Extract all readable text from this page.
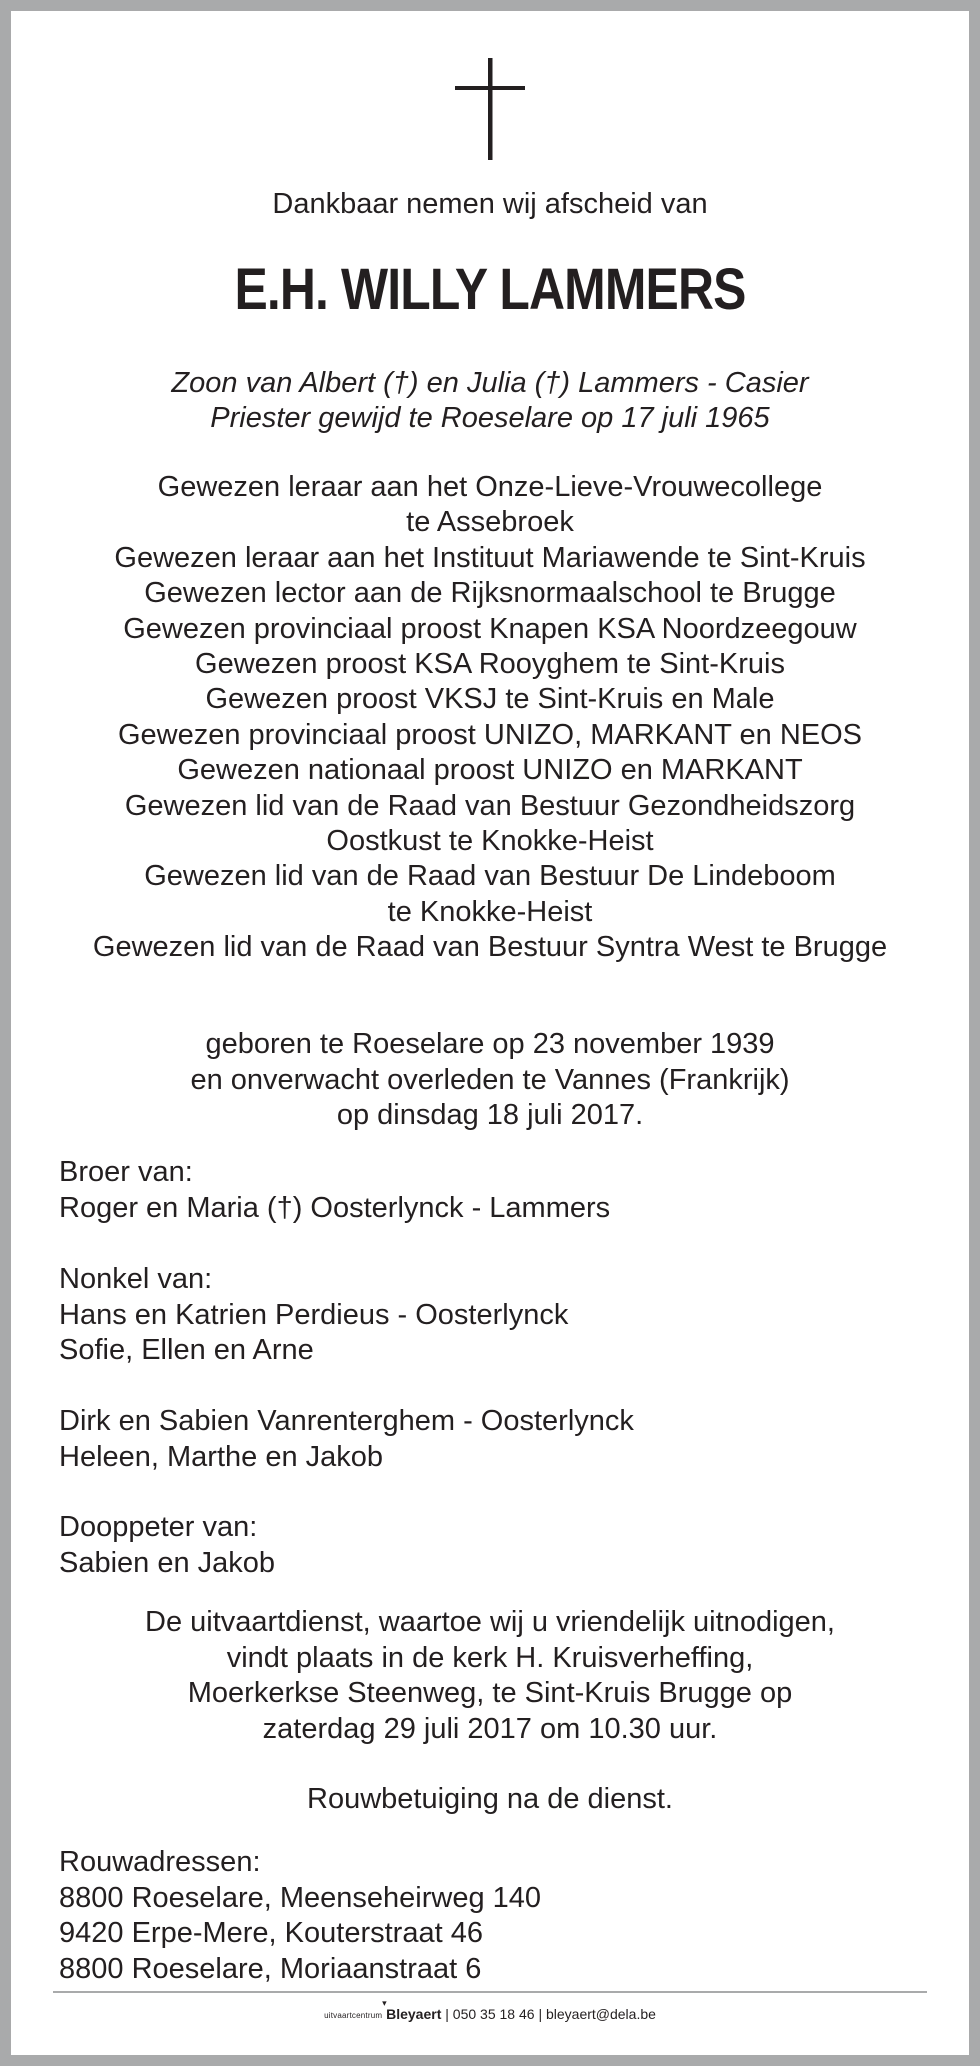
Dankbaar nemen wij afscheid van
E.H. WILLY LAMMERS
Zoon van Albert (†) en Julia (†) Lammers - Casier
Priester gewijd te Roeselare op 17 juli 1965
Gewezen leraar aan het Onze-Lieve-Vrouwecollege
te Assebroek
Gewezen leraar aan het Instituut Mariawende te Sint-Kruis
Gewezen lector aan de Rijksnormaalschool te Brugge
Gewezen provinciaal proost Knapen KSA Noordzeegouw
Gewezen proost KSA Rooyghem te Sint-Kruis
Gewezen proost VKSJ te Sint-Kruis en Male
Gewezen provinciaal proost UNIZO, MARKANT en NEOS
Gewezen nationaal proost UNIZO en MARKANT
Gewezen lid van de Raad van Bestuur Gezondheidszorg
Oostkust te Knokke-Heist
Gewezen lid van de Raad van Bestuur De Lindeboom
te Knokke-Heist
Gewezen lid van de Raad van Bestuur Syntra West te Brugge
geboren te Roeselare op 23 november 1939
en onverwacht overleden te Vannes (Frankrijk)
op dinsdag 18 juli 2017.
Broer van:
Roger en Maria (†) Oosterlynck - Lammers
Nonkel van:
Hans en Katrien Perdieus - Oosterlynck
Sofie, Ellen en Arne
Dirk en Sabien Vanrenterghem - Oosterlynck
Heleen, Marthe en Jakob
Dooppeter van:
Sabien en Jakob
De uitvaartdienst, waartoe wij u vriendelijk uitnodigen,
vindt plaats in de kerk H. Kruisverheffing,
Moerkerkse Steenweg, te Sint-Kruis Brugge op
zaterdag 29 juli 2017 om 10.30 uur.
Rouwbetuiging na de dienst.
Rouwadressen:
8800 Roeselare, Meenseheirweg 140
9420 Erpe-Mere, Kouterstraat 46
8800 Roeselare, Moriaanstraat 6
uitvaartcentrum
▾
Bleyaert | 050 35 18 46 | bleyaert@dela.be
